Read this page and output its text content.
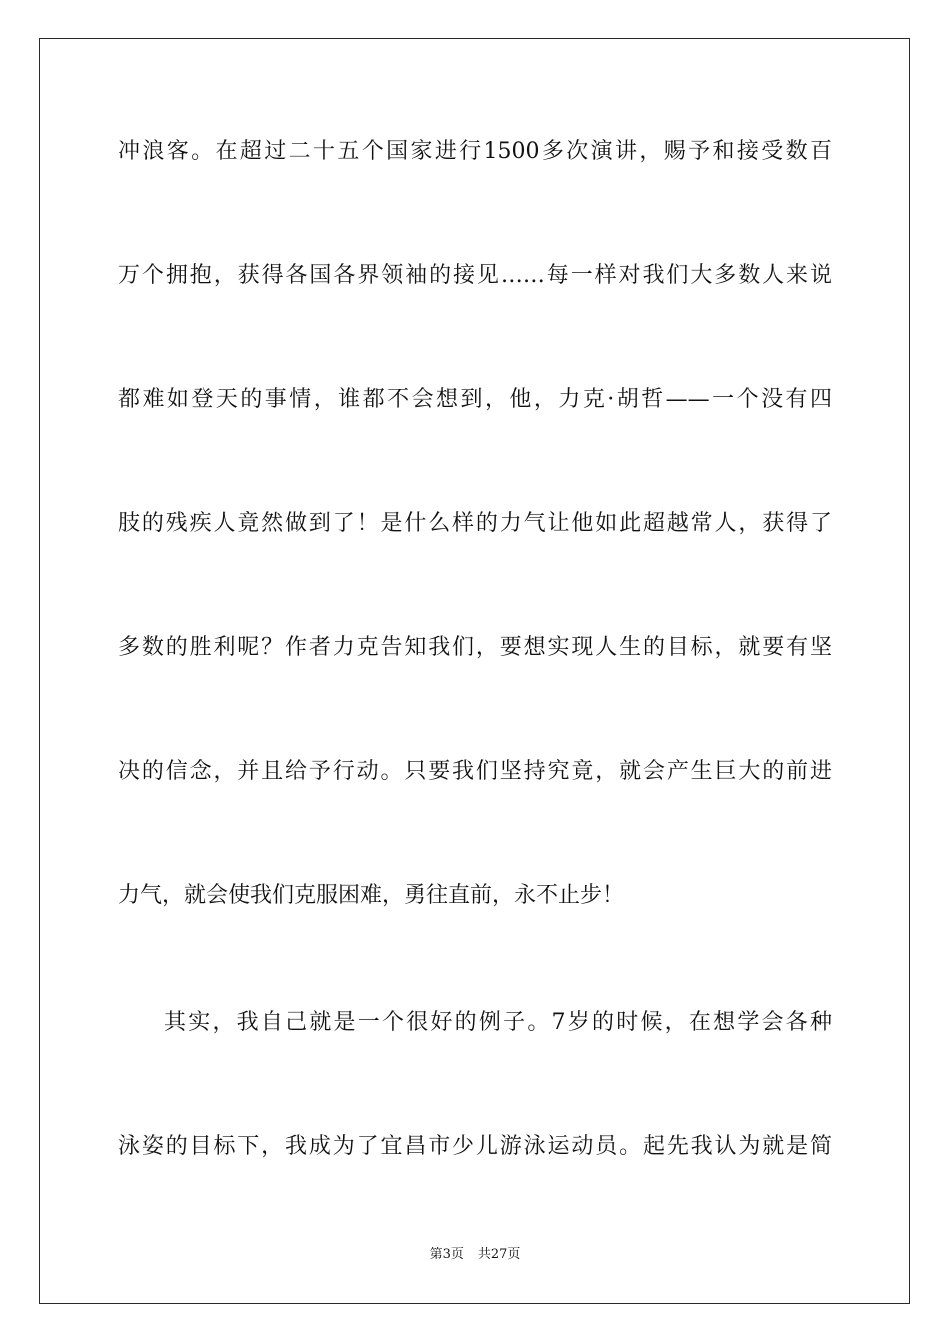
冲浪客。在超过二十五个国家进行1500多次演讲，赐予和接受数百
万个拥抱，获得各国各界领袖的接见……每一样对我们大多数人来说
都难如登天的事情，谁都不会想到，他，力克·胡哲——一个没有四
肢的残疾人竟然做到了！是什么样的力气让他如此超越常人，获得了
多数的胜利呢？作者力克告知我们，要想实现人生的目标，就要有坚
决的信念，并且给予行动。只要我们坚持究竟，就会产生巨大的前进
力气，就会使我们克服困难，勇往直前，永不止步！
其实，我自己就是一个很好的例子。7岁的时候，在想学会各种
泳姿的目标下，我成为了宜昌市少儿游泳运动员。起先我认为就是简
第3页 共27页
